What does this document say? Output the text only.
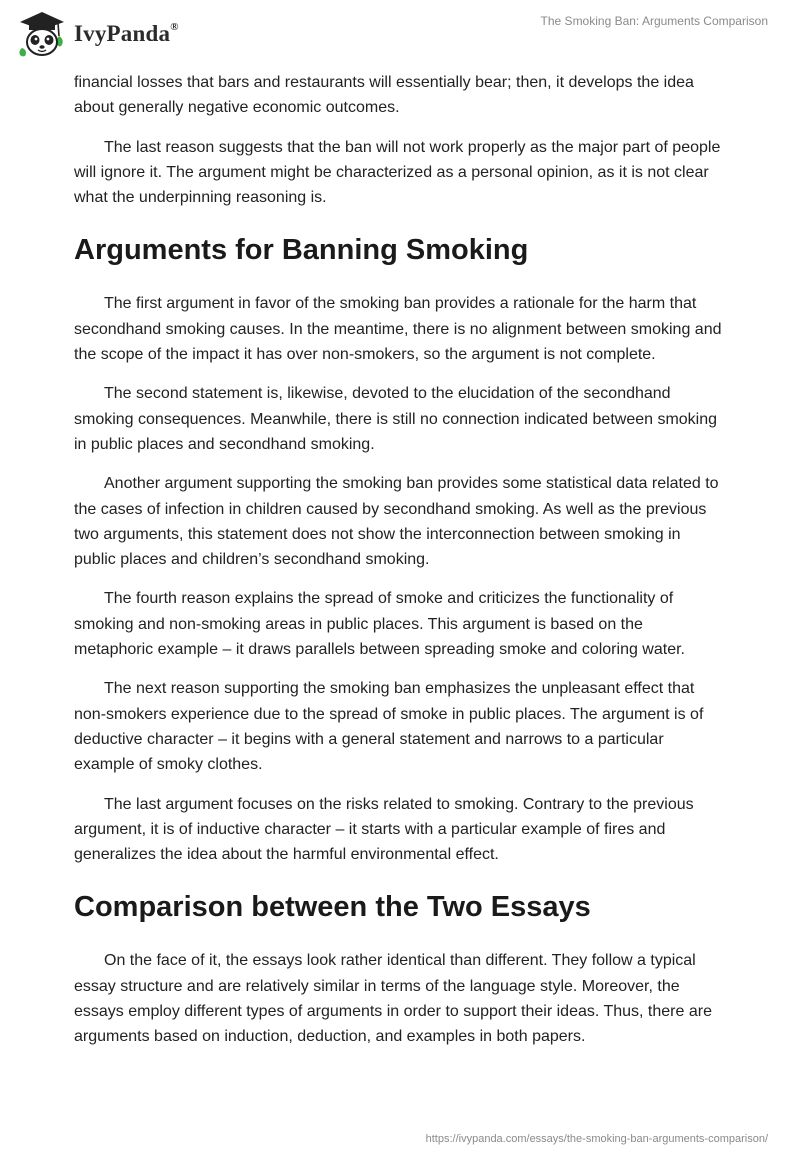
IvyPanda®	The Smoking Ban: Arguments Comparison

financial losses that bars and restaurants will essentially bear; then, it develops the idea about generally negative economic outcomes.

The last reason suggests that the ban will not work properly as the major part of people will ignore it. The argument might be characterized as a personal opinion, as it is not clear what the underpinning reasoning is.

Arguments for Banning Smoking

The first argument in favor of the smoking ban provides a rationale for the harm that secondhand smoking causes. In the meantime, there is no alignment between smoking and the scope of the impact it has over non-smokers, so the argument is not complete.

The second statement is, likewise, devoted to the elucidation of the secondhand smoking consequences. Meanwhile, there is still no connection indicated between smoking in public places and secondhand smoking.

Another argument supporting the smoking ban provides some statistical data related to the cases of infection in children caused by secondhand smoking. As well as the previous two arguments, this statement does not show the interconnection between smoking in public places and children’s secondhand smoking.

The fourth reason explains the spread of smoke and criticizes the functionality of smoking and non-smoking areas in public places. This argument is based on the metaphoric example – it draws parallels between spreading smoke and coloring water.

The next reason supporting the smoking ban emphasizes the unpleasant effect that non-smokers experience due to the spread of smoke in public places. The argument is of deductive character – it begins with a general statement and narrows to a particular example of smoky clothes.

The last argument focuses on the risks related to smoking. Contrary to the previous argument, it is of inductive character – it starts with a particular example of fires and generalizes the idea about the harmful environmental effect.

Comparison between the Two Essays

On the face of it, the essays look rather identical than different. They follow a typical essay structure and are relatively similar in terms of the language style. Moreover, the essays employ different types of arguments in order to support their ideas. Thus, there are arguments based on induction, deduction, and examples in both papers.

https://ivypanda.com/essays/the-smoking-ban-arguments-comparison/
